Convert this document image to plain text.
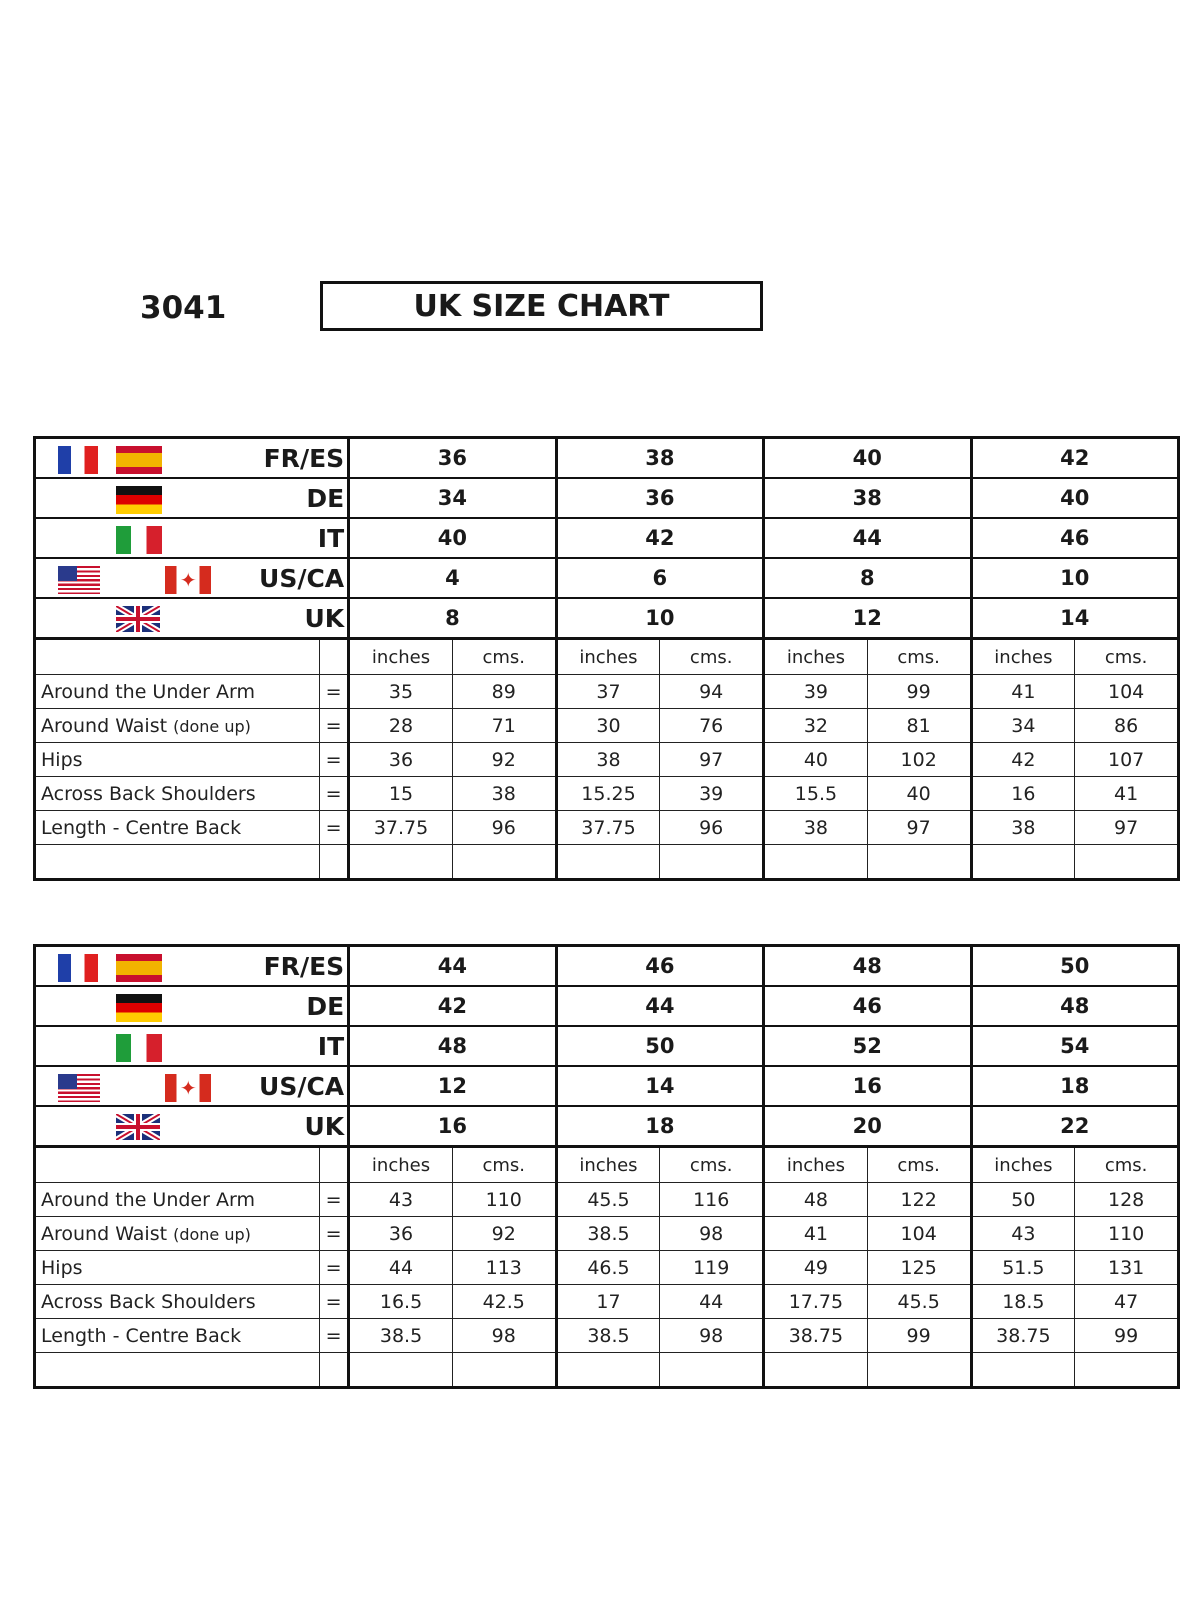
3041	UK SIZE CHART
FR/ES		36		38		40		42	

DE		34		36		38		40	

IT		40		42		44		46	

✦
US/CA		4		6		8		10	

UK		8		10		12		14	
		inches	cms.	inches	cms.	inches	cms.	inches	cms.
Around the Under Arm	=	35	89	37	94	39	99	41	104
Around Waist (done up)	=	28	71	30	76	32	81	34	86
Hips	=	36	92	38	97	40	102	42	107
Across Back Shoulders	=	15	38	15.25	39	15.5	40	16	41
Length - Centre Back	=	37.75	96	37.75	96	38	97	38	97

FR/ES		44		46		48		50	

DE		42		44		46		48	

IT		48		50		52		54	

✦
US/CA		12		14		16		18	

UK		16		18		20		22	
		inches	cms.	inches	cms.	inches	cms.	inches	cms.
Around the Under Arm	=	43	110	45.5	116	48	122	50	128
Around Waist (done up)	=	36	92	38.5	98	41	104	43	110
Hips	=	44	113	46.5	119	49	125	51.5	131
Across Back Shoulders	=	16.5	42.5	17	44	17.75	45.5	18.5	47
Length - Centre Back	=	38.5	98	38.5	98	38.75	99	38.75	99
